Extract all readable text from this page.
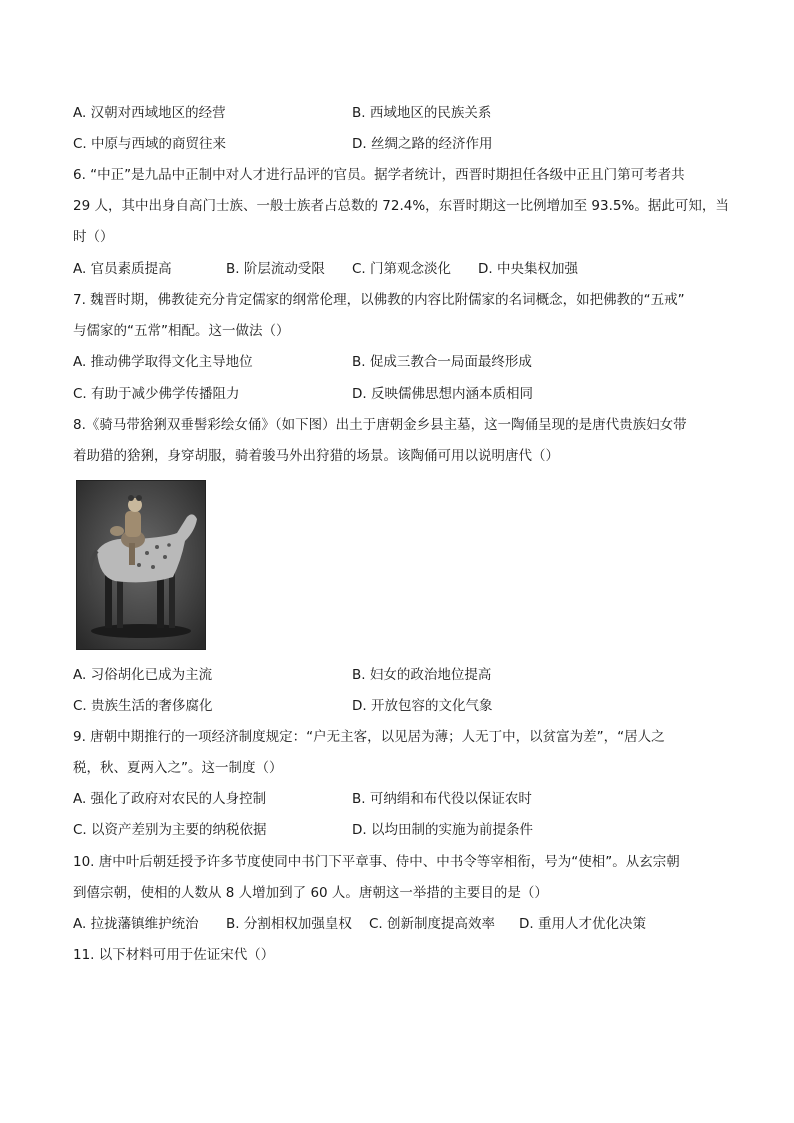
A. 汉朝对西域地区的经营	B. 西域地区的民族关系
C. 中原与西域的商贸往来	D. 丝绸之路的经济作用
6. “中正”是九品中正制中对人才进行品评的官员。据学者统计，西晋时期担任各级中正且门第可考者共
29 人，其中出身自高门士族、一般士族者占总数的 72.4%，东晋时期这一比例增加至 93.5%。据此可知，当
时（）
A. 官员素质提高	B. 阶层流动受限 C. 门第观念淡化 D. 中央集权加强
7. 魏晋时期，佛教徒充分肯定儒家的纲常伦理，以佛教的内容比附儒家的名词概念，如把佛教的“五戒”
与儒家的“五常”相配。这一做法（）
A. 推动佛学取得文化主导地位	B. 促成三教合一局面最终形成
C. 有助于减少佛学传播阻力	D. 反映儒佛思想内涵本质相同
8.《骑马带猞猁双垂髻彩绘女俑》（如下图）出土于唐朝金乡县主墓，这一陶俑呈现的是唐代贵族妇女带
着助猎的猞猁，身穿胡服，骑着骏马外出狩猎的场景。该陶俑可用以说明唐代（）
A. 习俗胡化已成为主流	B. 妇女的政治地位提高
C. 贵族生活的奢侈腐化	D. 开放包容的文化气象
9. 唐朝中期推行的一项经济制度规定：“户无主客，以见居为薄；人无丁中，以贫富为差”，“居人之
税，秋、夏两入之”。这一制度（）
A. 强化了政府对农民的人身控制	B. 可纳绢和布代役以保证农时
C. 以资产差别为主要的纳税依据	D. 以均田制的实施为前提条件
10. 唐中叶后朝廷授予许多节度使同中书门下平章事、侍中、中书令等宰相衔，号为“使相”。从玄宗朝
到僖宗朝，使相的人数从 8 人增加到了 60 人。唐朝这一举措的主要目的是（）
A. 拉拢藩镇维护统治 B. 分割相权加强皇权 C. 创新制度提高效率 D. 重用人才优化决策
11. 以下材料可用于佐证宋代（）
